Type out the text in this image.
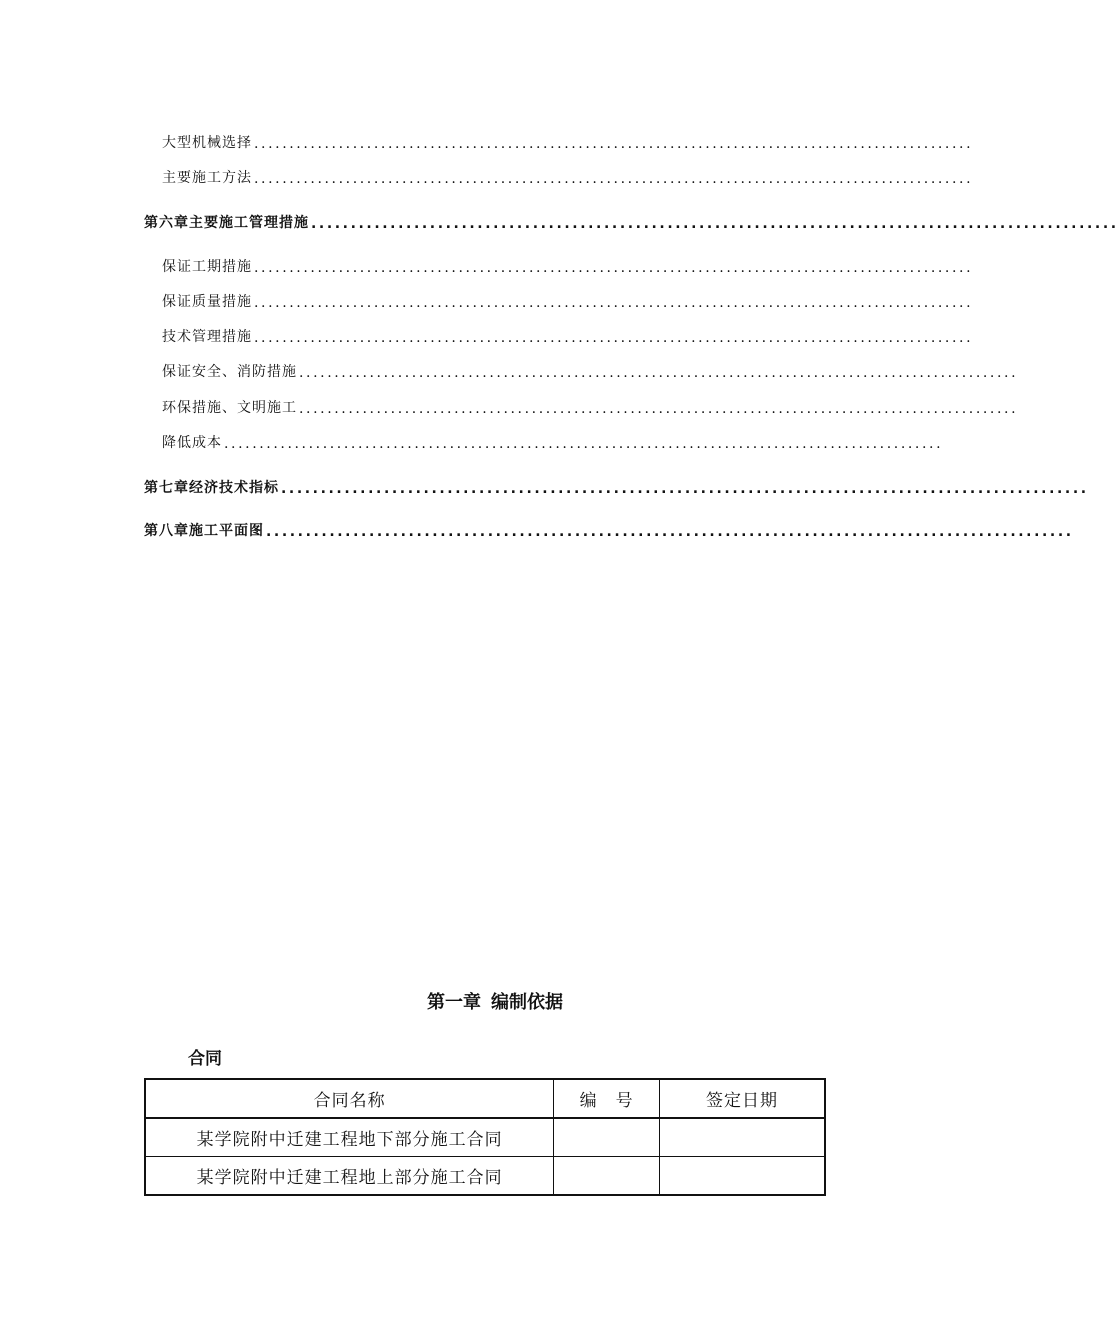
大型机械选择 ......................................................................................................
主要施工方法 ......................................................................................................
第六章 主要施工管理措施 ......................................................................................................
保证工期措施 ......................................................................................................
保证质量措施 ......................................................................................................
技术管理措施 ......................................................................................................
保证安全、消防措施 ......................................................................................................
环保措施、文明施工 ......................................................................................................
降低成本 ......................................................................................................
第七章 经济技术指标 ......................................................................................................
第八章 施工平面图 ......................................................................................................
第一章 编制依据
合同
合同名称	编　号	签定日期
某学院附中迁建工程地下部分施工合同		
某学院附中迁建工程地上部分施工合同		
